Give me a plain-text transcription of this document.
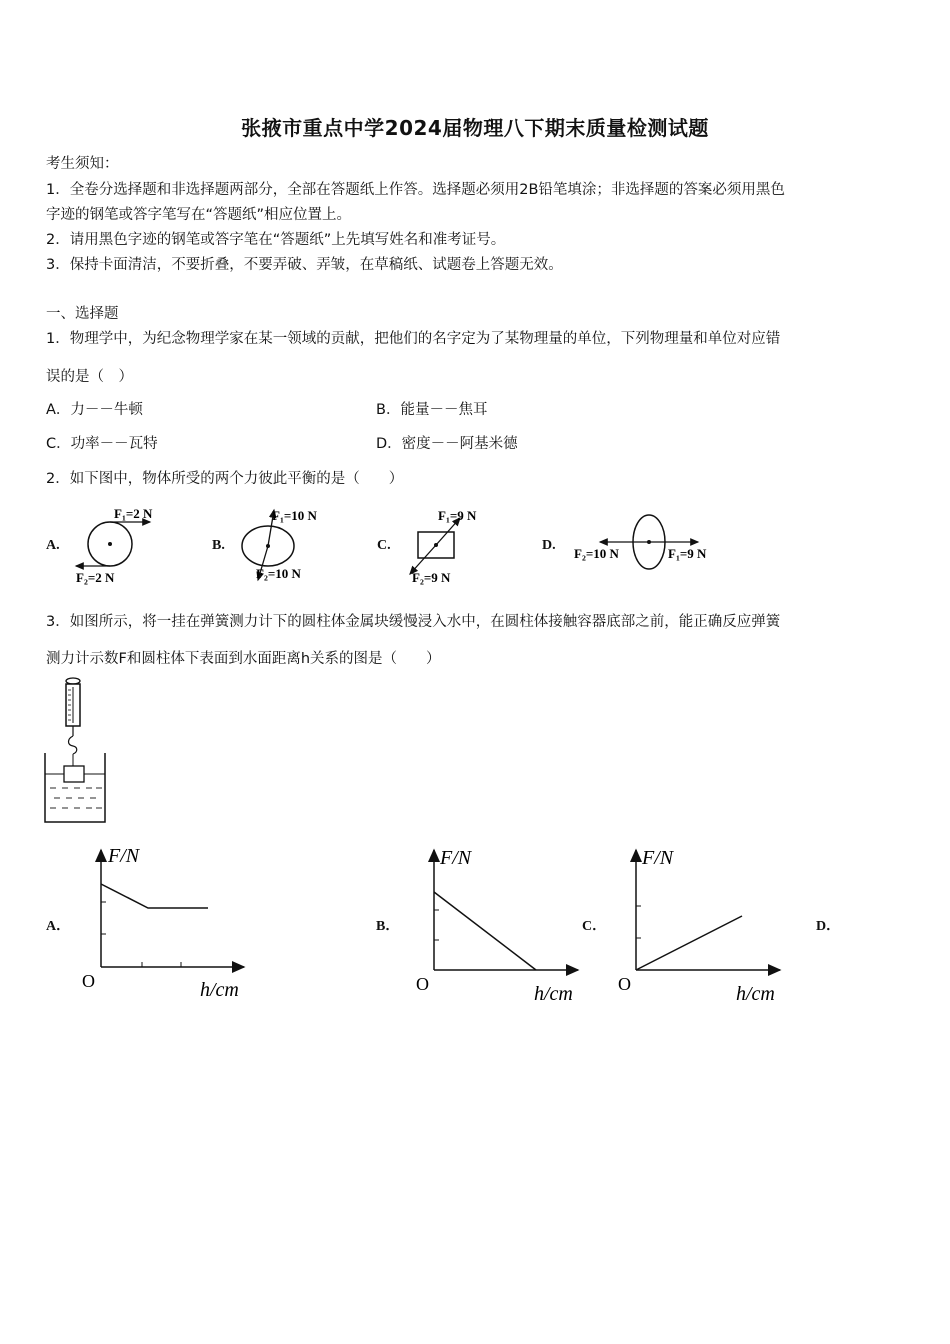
张掖市重点中学2024届物理八下期末质量检测试题
考生须知：
1．全卷分选择题和非选择题两部分，全部在答题纸上作答。选择题必须用2B铅笔填涂；非选择题的答案必须用黑色
字迹的钢笔或答字笔写在“答题纸”相应位置上。
2．请用黑色字迹的钢笔或答字笔在“答题纸”上先填写姓名和准考证号。
3．保持卡面清洁，不要折叠，不要弄破、弄皱，在草稿纸、试题卷上答题无效。
一、选择题
1．物理学中，为纪念物理学家在某一领域的贡献，把他们的名字定为了某物理量的单位，下列物理量和单位对应错
误的是（　）
A．力－－牛顿	B．能量－－焦耳
C．功率－－瓦特	D．密度－－阿基米德
2．如下图中，物体所受的两个力彼此平衡的是（　　）
A.
F₁=2 N
F₂=2 N
B.
F₁=10 N
F₂=10 N
C.
F₁=9 N
F₂=9 N
D.
F₁=9 N
F₂=10 N
3．如图所示，将一挂在弹簧测力计下的圆柱体金属块缓慢浸入水中，在圆柱体接触容器底部之前，能正确反应弹簧
测力计示数F和圆柱体下表面到水面距离h关系的图是（　　）
A．
F/N
O	h/cm
B．
F/N
O	h/cm
C．
F/N
O	h/cm
D．
